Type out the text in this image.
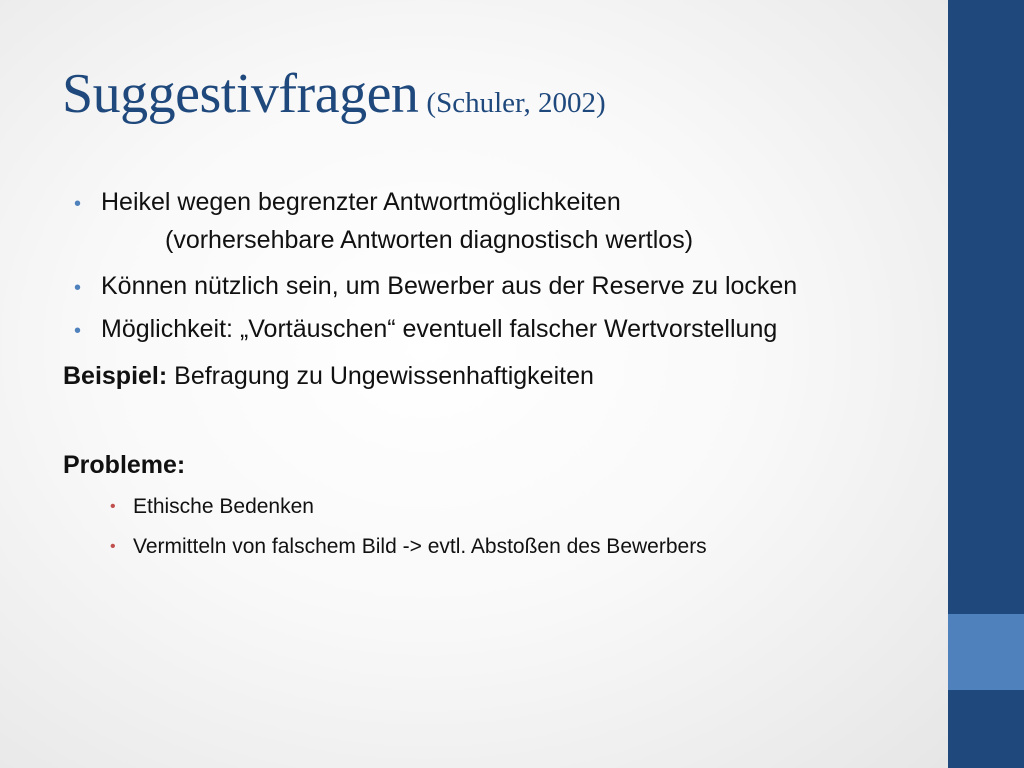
Suggestivfragen (Schuler, 2002)
• Heikel wegen begrenzter Antwortmöglichkeiten
(vorhersehbare Antworten diagnostisch wertlos)
• Können nützlich sein, um Bewerber aus der Reserve zu locken
• Möglichkeit: „Vortäuschen“ eventuell falscher Wertvorstellung
Beispiel: Befragung zu Ungewissenhaftigkeiten
Probleme:
• Ethische Bedenken
• Vermitteln von falschem Bild -> evtl. Abstoßen des Bewerbers
